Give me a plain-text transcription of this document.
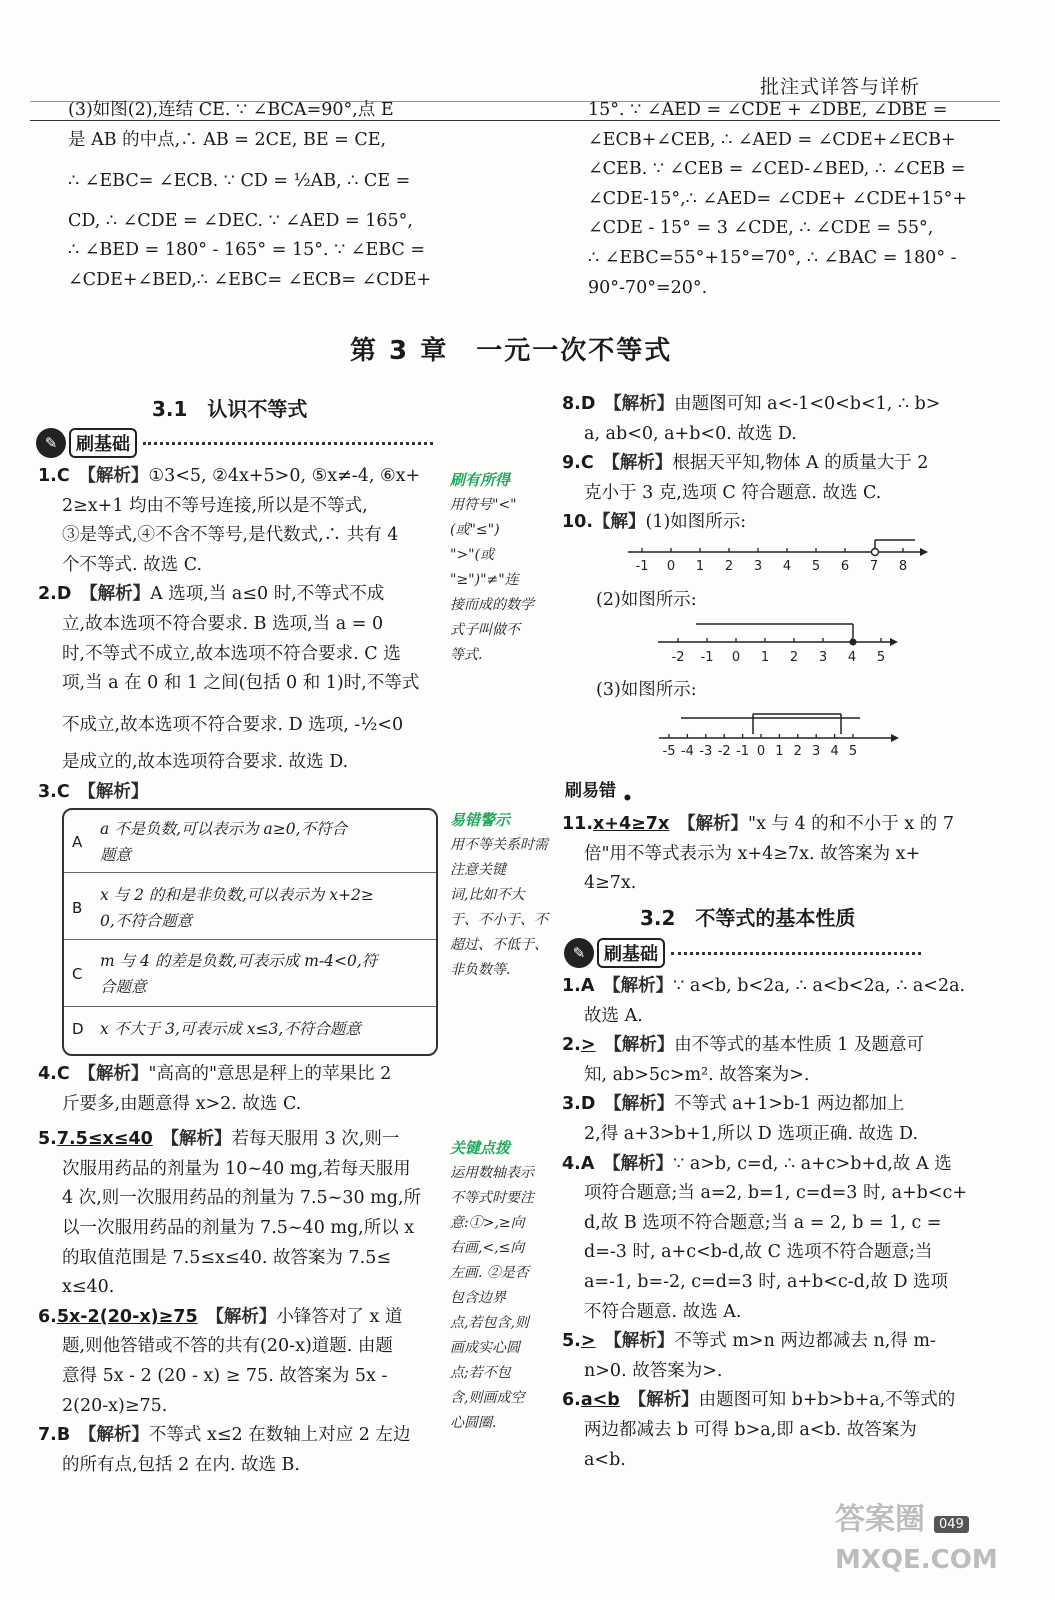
批注式详答与详析

(3)如图(2),连结 CE. ∵ ∠BCA=90°,点 E

是 AB 的中点,∴ AB = 2CE, BE = CE,

∴ ∠EBC= ∠ECB. ∵ CD = ½AB, ∴ CE =

CD, ∴ ∠CDE = ∠DEC. ∵ ∠AED = 165°,

∴ ∠BED = 180° - 165° = 15°. ∵ ∠EBC =

∠CDE+∠BED,∴ ∠EBC= ∠ECB= ∠CDE+

15°. ∵ ∠AED = ∠CDE + ∠DBE, ∠DBE =

∠ECB+∠CEB, ∴ ∠AED = ∠CDE+∠ECB+

∠CEB. ∵ ∠CEB = ∠CED-∠BED, ∴ ∠CEB =

∠CDE-15°,∴ ∠AED= ∠CDE+ ∠CDE+15°+

∠CDE - 15° = 3 ∠CDE, ∴ ∠CDE = 55°,

∴ ∠EBC=55°+15°=70°, ∴ ∠BAC = 180° -

90°-70°=20°.

第 3 章　一元一次不等式
3.1　认识不等式
✎	刷基础

1.C　 【解析】①3<5, ②4x+5>0, ⑤x≠-4, ⑥x+

2≥x+1 均由不等号连接,所以是不等式,

③是等式,④不含不等号,是代数式,∴ 共有 4

个不等式. 故选 C.

2.D　 【解析】A 选项,当 a≤0 时,不等式不成

立,故本选项不符合要求. B 选项,当 a = 0

时,不等式不成立,故本选项不符合要求. C 选

项,当 a 在 0 和 1 之间(包括 0 和 1)时,不等式

不成立,故本选项不符合要求. D 选项, -½<0

是成立的,故本选项符合要求. 故选 D.

3.C　 【解析】

A
a 不是负数,可以表示为 a≥0,不符合
题意
B
x 与 2 的和是非负数,可以表示为 x+2≥
0,不符合题意
C
m 与 4 的差是负数,可表示成 m-4<0,符
合题意
D x 不大于 3,可表示成 x≤3,不符合题意

4.C　 【解析】"高高的"意思是秤上的苹果比 2

斤要多,由题意得 x>2. 故选 C.

5.7.5≤x≤40　 【解析】若每天服用 3 次,则一

次服用药品的剂量为 10~40 mg,若每天服用

4 次,则一次服用药品的剂量为 7.5~30 mg,所

以一次服用药品的剂量为 7.5~40 mg,所以 x

的取值范围是 7.5≤x≤40. 故答案为 7.5≤

x≤40.

6.5x-2(20-x)≥75　 【解析】小锋答对了 x 道

题,则他答错或不答的共有(20-x)道题. 由题

意得 5x - 2 (20 - x) ≥ 75. 故答案为 5x -

2(20-x)≥75.

7.B　 【解析】不等式 x≤2 在数轴上对应 2 左边

的所有点,包括 2 在内. 故选 B.

刷有所得
用符号"<"
(或"≤")
">"(或
"≥")"≠"连
接而成的数学
式子叫做不
等式.
易错警示
用不等关系时需
注意关键
词,比如不大
于、不小于、不
超过、不低于、
非负数等.
关键点拨
运用数轴表示
不等式时要注
意:①>,≥向
右画,<,≤向
左画. ②是否
包含边界
点,若包含,则
画成实心圆
点;若不包
含,则画成空
心圆圈.

8.D　 【解析】由题图可知 a<-1<0<b<1, ∴ b>

a, ab<0, a+b<0. 故选 D.

9.C　 【解析】根据天平知,物体 A 的质量大于 2

克小于 3 克,选项 C 符合题意. 故选 C.

10.【解】(1)如图所示:

-1 0 1 2 3 4 5 6 7 8
(2)如图所示:
-2 -1 0 1 2 3 4 5
(3)如图所示:
-5 -4 -3 -2 -1 0 1 2 3 4 5
刷易错 •

11.x+4≥7x　 【解析】"x 与 4 的和不小于 x 的 7

倍"用不等式表示为 x+4≥7x. 故答案为 x+

4≥7x.

3.2　不等式的基本性质
✎	刷基础

1.A　 【解析】∵ a<b, b<2a, ∴ a<b<2a, ∴ a<2a.

故选 A.

2.>　 【解析】由不等式的基本性质 1 及题意可

知, ab>5c>m². 故答案为>.

3.D　 【解析】不等式 a+1>b-1 两边都加上

2,得 a+3>b+1,所以 D 选项正确. 故选 D.

4.A　 【解析】∵ a>b, c=d, ∴ a+c>b+d,故 A 选

项符合题意;当 a=2, b=1, c=d=3 时, a+b<c+

d,故 B 选项不符合题意;当 a = 2, b = 1, c =

d=-3 时, a+c<b-d,故 C 选项不符合题意;当

a=-1, b=-2, c=d=3 时, a+b<c-d,故 D 选项

不符合题意. 故选 A.

5.>　 【解析】不等式 m>n 两边都减去 n,得 m-

n>0. 故答案为>.

6.a<b　 【解析】由题图可知 b+b>b+a,不等式的

两边都减去 b 可得 b>a,即 a<b. 故答案为

a<b.

答案圈
MXQE.COM
049
